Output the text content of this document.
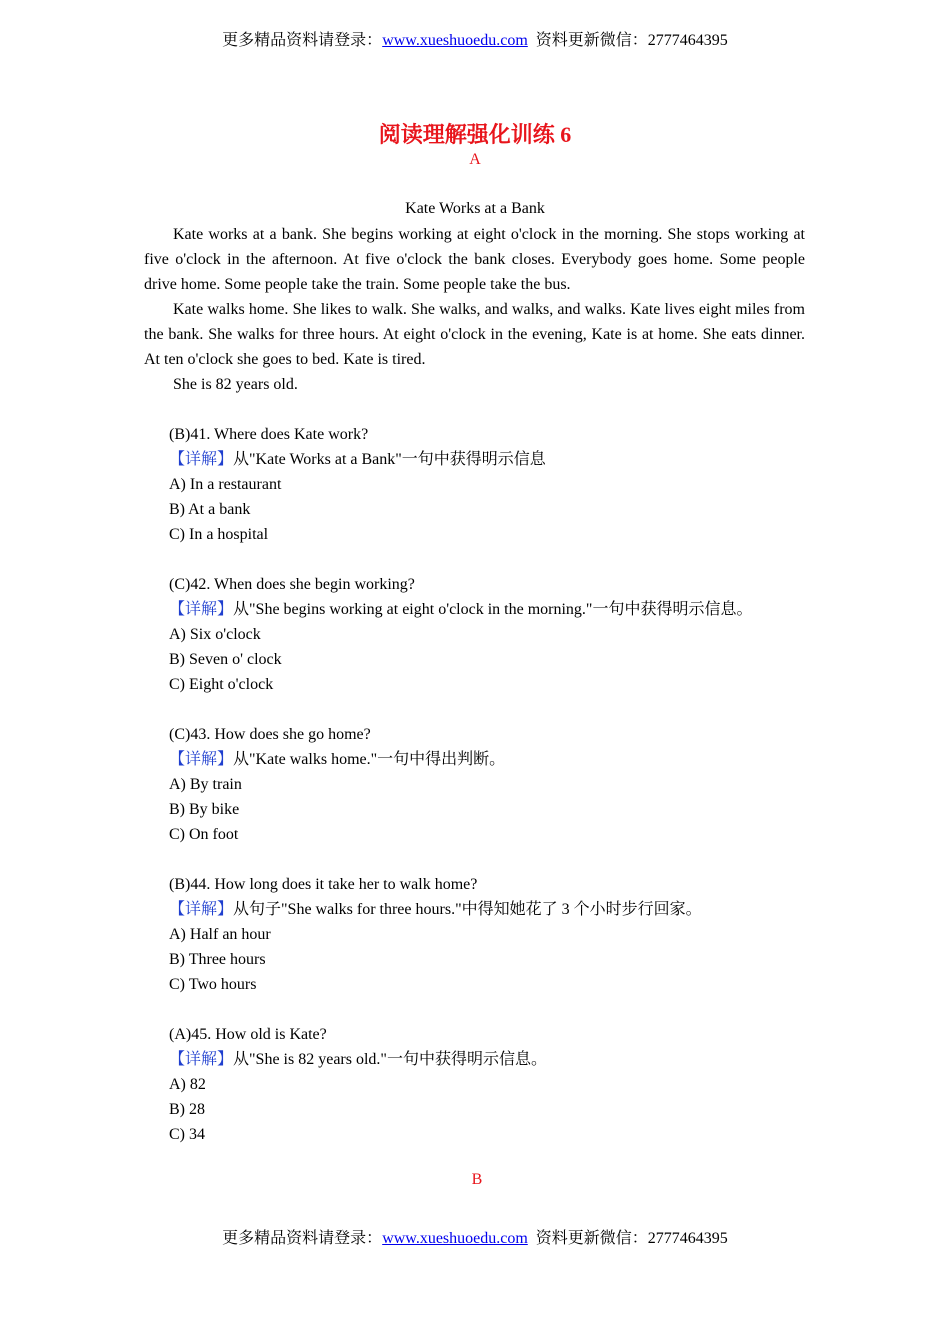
更多精品资料请登录：www.xueshuoedu.com 资料更新微信：2777464395
阅读理解强化训练 6
A
Kate Works at a Bank

Kate works at a bank. She begins working at eight o'clock in the morning. She stops working at five o'clock in the afternoon. At five o'clock the bank closes. Everybody goes home. Some people drive home. Some people take the train. Some people take the bus.

Kate walks home. She likes to walk. She walks, and walks, and walks. Kate lives eight miles from the bank. She walks for three hours. At eight o'clock in the evening, Kate is at home. She eats dinner. At ten o'clock she goes to bed. Kate is tired.

She is 82 years old.

(B)41. Where does Kate work?
【详解】从"Kate Works at a Bank"一句中获得明示信息
A) In a restaurant
B) At a bank
C) In a hospital
(C)42. When does she begin working?
【详解】从"She begins working at eight o'clock in the morning."一句中获得明示信息。
A) Six o'clock
B) Seven o' clock
C) Eight o'clock
(C)43. How does she go home?
【详解】从"Kate walks home."一句中得出判断。
A) By train
B) By bike
C) On foot
(B)44. How long does it take her to walk home?
【详解】从句子"She walks for three hours."中得知她花了 3 个小时步行回家。
A) Half an hour
B) Three hours
C) Two hours
(A)45. How old is Kate?
【详解】从"She is 82 years old."一句中获得明示信息。
A) 82
B) 28
C) 34
B
更多精品资料请登录：www.xueshuoedu.com 资料更新微信：2777464395
